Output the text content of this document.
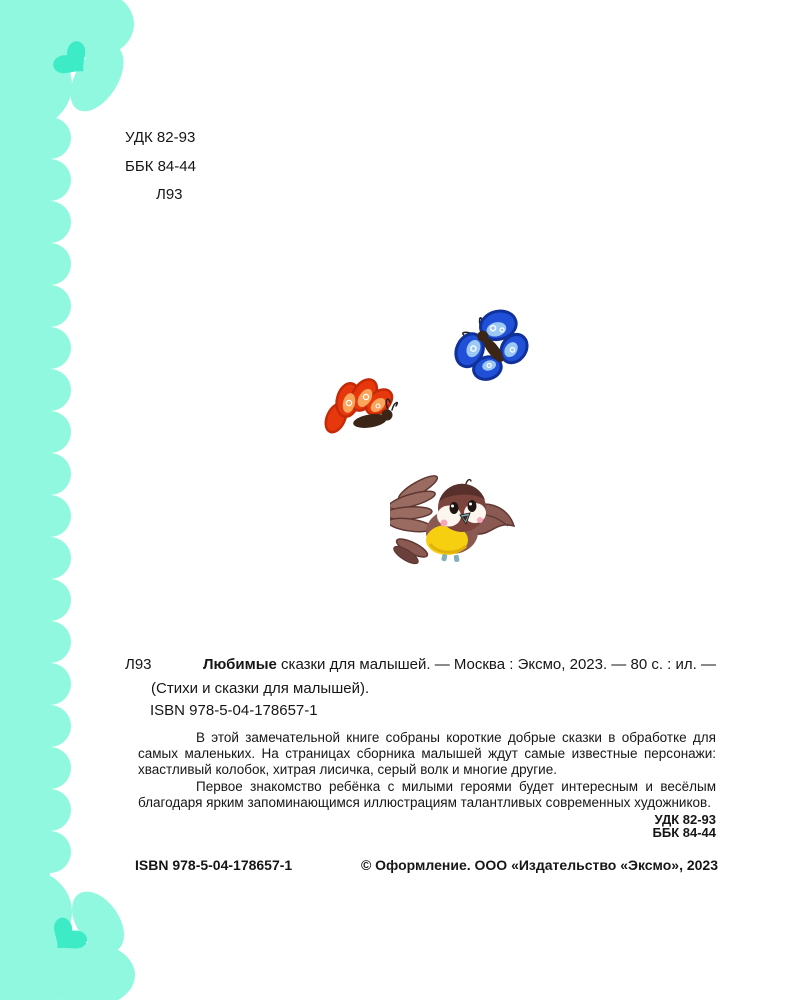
УДК 82-93
ББК 84-44
Л93
Л93	Любимые сказки для малышей. — Москва : Эксмо, 2023. — 80 с. : ил. — (Стихи и сказки для малышей).

ISBN 978-5-04-178657-1

В этой замечательной книге собраны короткие добрые сказки в обработке для самых маленьких. На страницах сборника малышей ждут самые известные персонажи: хвастливый колобок, хитрая лисичка, серый волк и многие другие.

Первое знакомство ребёнка с милыми героями будет интересным и весёлым благодаря ярким запоминающимся иллюстрациям талантливых современных художников.

УДК 82-93
ББК 84-44
ISBN 978-5-04-178657-1	© Оформление. ООО «Издательство «Эксмо», 2023
